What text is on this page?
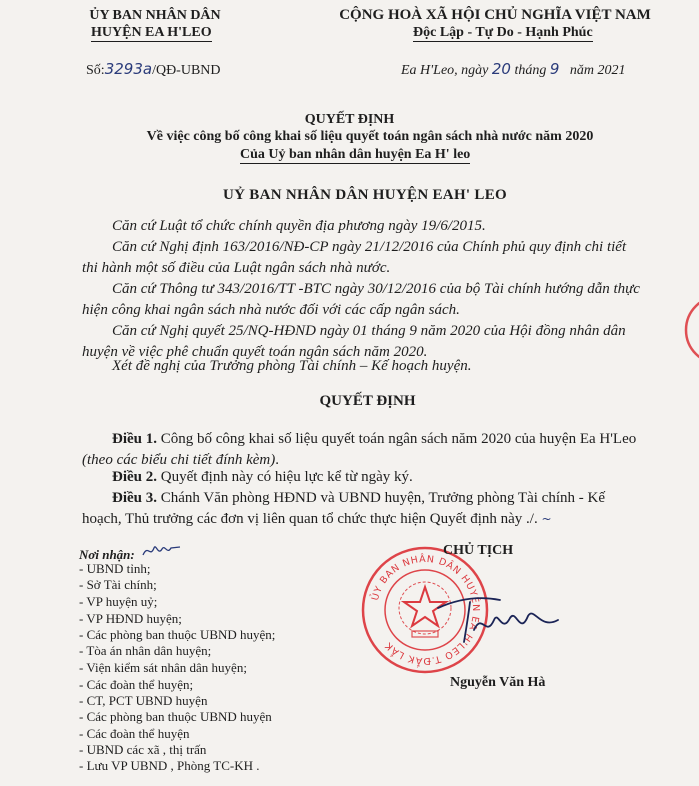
ỦY BAN NHÂN DÂN
HUYỆN EA H'LEO
Số:3293a/QĐ-UBND
CỘNG HOÀ XÃ HỘI CHỦ NGHĨA VIỆT NAM
Độc Lập - Tự Do - Hạnh Phúc
Ea H'Leo, ngày 20 tháng 9 năm 2021
QUYẾT ĐỊNH
Về việc công bố công khai số liệu quyết toán ngân sách nhà nước năm 2020
Của Uỷ ban nhân dân huyện Ea H' leo
UỶ BAN NHÂN DÂN HUYỆN EAH' LEO
Căn cứ Luật tổ chức chính quyền địa phương ngày 19/6/2015.
Căn cứ Nghị định 163/2016/NĐ-CP ngày 21/12/2016 của Chính phủ quy định chi tiết thi hành một số điều của Luật ngân sách nhà nước.
Căn cứ Thông tư 343/2016/TT -BTC ngày 30/12/2016 của bộ Tài chính hướng dẫn thực hiện công khai ngân sách nhà nước đối với các cấp ngân sách.
Căn cứ Nghị quyết 25/NQ-HĐND ngày 01 tháng 9 năm 2020 của Hội đồng nhân dân huyện về việc phê chuẩn quyết toán ngân sách năm 2020.
Xét đề nghị của Trưởng phòng Tài chính – Kế hoạch huyện.
QUYẾT ĐỊNH
Điều 1. Công bố công khai số liệu quyết toán ngân sách năm 2020 của huyện Ea H'Leo (theo các biểu chi tiết đính kèm).
Điều 2. Quyết định này có hiệu lực kể từ ngày ký.
Điều 3. Chánh Văn phòng HĐND và UBND huyện, Trưởng phòng Tài chính - Kế hoạch, Thủ trưởng các đơn vị liên quan tổ chức thực hiện Quyết định này ./. ~
Nơi nhận:
- UBND tỉnh;
- Sở Tài chính;
- VP huyện uỷ;
- VP HĐND huyện;
- Các phòng ban thuộc UBND huyện;
- Tòa án nhân dân huyện;
- Viện kiểm sát nhân dân huyện;
- Các đoàn thể huyện;
- CT, PCT UBND huyện
- Các phòng ban thuộc UBND huyện
- Các đoàn thể huyện
- UBND các xã , thị trấn
- Lưu VP UBND , Phòng TC-KH .
ỦY BAN NHÂN DÂN HUYỆN EA H'LEO T.ĐẮK LẮK
CHỦ TỊCH
Nguyễn Văn Hà
